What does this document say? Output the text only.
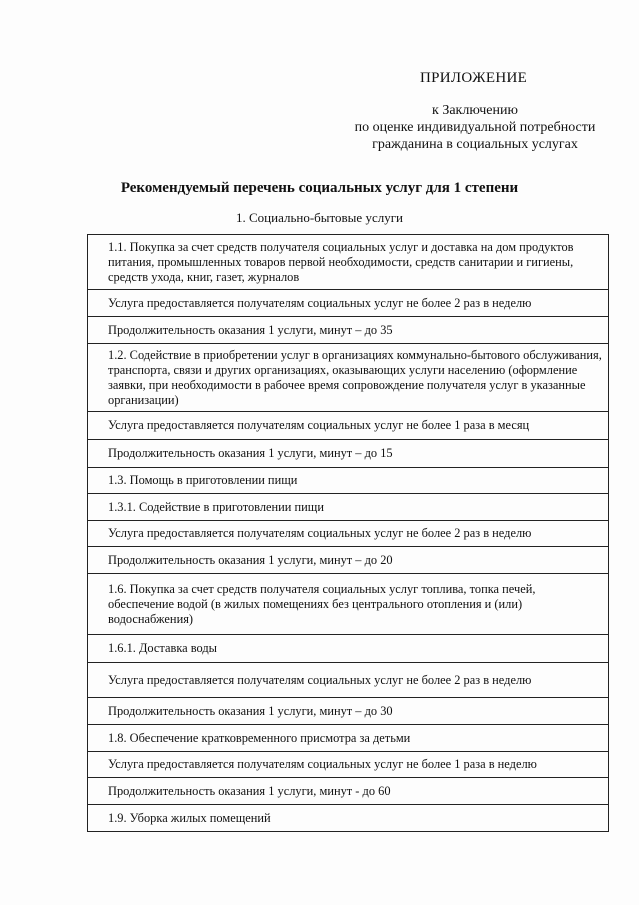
ПРИЛОЖЕНИЕ
к Заключению
по оценке индивидуальной потребности
гражданина в социальных услугах
Рекомендуемый перечень социальных услуг для 1 степени
1. Социально-бытовые услуги
1.1. Покупка за счет средств получателя социальных услуг и доставка на дом продуктов питания, промышленных товаров первой необходимости, средств санитарии и гигиены, средств ухода, книг, газет, журналов
Услуга предоставляется получателям социальных услуг не более 2 раз в неделю
Продолжительность оказания 1 услуги, минут – до 35
1.2. Содействие в приобретении услуг в организациях коммунально-бытового обслуживания, транспорта, связи и других организациях, оказывающих услуги населению (оформление заявки, при необходимости в рабочее время сопровождение получателя услуг в указанные организации)
Услуга предоставляется получателям социальных услуг не более 1 раза в месяц
Продолжительность оказания 1 услуги, минут – до 15
1.3. Помощь в приготовлении пищи
1.3.1. Содействие в приготовлении пищи
Услуга предоставляется получателям социальных услуг не более 2 раз в неделю
Продолжительность оказания 1 услуги, минут – до 20
1.6. Покупка за счет средств получателя социальных услуг топлива, топка печей, обеспечение водой (в жилых помещениях без центрального отопления и (или) водоснабжения)
1.6.1. Доставка воды
Услуга предоставляется получателям социальных услуг не более 2 раз в неделю
Продолжительность оказания 1 услуги, минут – до 30
1.8. Обеспечение кратковременного присмотра за детьми
Услуга предоставляется получателям социальных услуг не более 1 раза в неделю
Продолжительность оказания 1 услуги, минут - до 60
1.9. Уборка жилых помещений
